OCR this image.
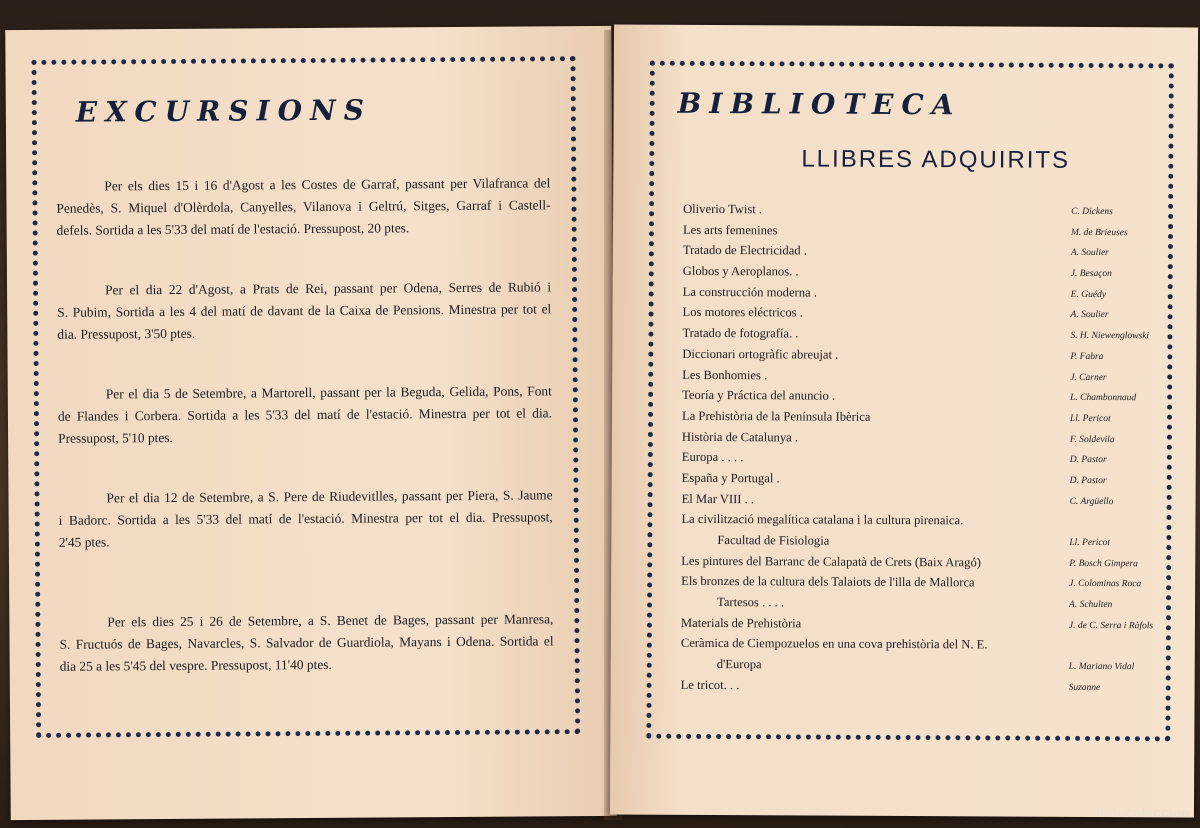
EXCURSIONS
Per els dies 15 i 16 d'Agost a les Costes de Garraf, passant per Vilafranca del
Penedès, S. Miquel d'Olèrdola, Canyelles, Vilanova i Geltrú, Sitges, Garraf i Castell-
defels. Sortida a les 5'33 del matí de l'estació. Pressupost, 20 ptes.
Per el dia 22 d'Agost, a Prats de Rei, passant per Odena, Serres de Rubió i
S. Pubim, Sortida a les 4 del matí de davant de la Caixa de Pensions. Minestra per tot el
dia. Pressupost, 3'50 ptes.
Per el dia 5 de Setembre, a Martorell, passant per la Beguda, Gelida, Pons, Font
de Flandes i Corbera. Sortida a les 5'33 del matí de l'estació. Minestra per tot el dia.
Pressupost, 5'10 ptes.
Per el dia 12 de Setembre, a S. Pere de Riudevitlles, passant per Piera, S. Jaume
i Badorc. Sortida a les 5'33 del matí de l'estació. Minestra per tot el dia. Pressupost,
2'45 ptes.
Per els dies 25 i 26 de Setembre, a S. Benet de Bages, passant per Manresa,
S. Fructuós de Bages, Navarcles, S. Salvador de Guardiola, Mayans i Odena. Sortida el
dia 25 a les 5'45 del vespre. Pressupost, 11'40 ptes.
BIBLIOTECA
LLIBRES ADQUIRITS
Oliverio Twist .	C. Dickens
Les arts femenines	M. de Brieuses
Tratado de Electricidad .	A. Soulier
Globos y Aeroplanos. .	J. Besaçon
La construcción moderna .	E. Guédy
Los motores eléctricos .	A. Soulier
Tratado de fotografía. .	S. H. Niewenglowski
Diccionari ortogràfic abreujat .	P. Fabra
Les Bonhomies .	J. Carner
Teoría y Práctica del anuncio .	L. Chambonnaud
La Prehistòria de la Península Ibèrica	Ll. Pericot
Història de Catalunya .	F. Soldevila
Europa . . . .	D. Pastor
España y Portugal .	D. Pastor
El Mar VIII . .	C. Argüello
La civilització megalítica catalana i la cultura pirenaica.
Facultad de Fisiologia	Ll. Pericot
Les pintures del Barranc de Calapatà de Crets (Baix Aragó)	P. Bosch Gimpera
Els bronzes de la cultura dels Talaiots de l'illa de Mallorca	J. Colominas Roca
Tartesos . . . .	A. Schulten
Materials de Prehistòria	J. de C. Serra i Ràfols
Ceràmica de Ciempozuelos en una cova prehistòria del N. E.
d'Europa	L. Mariano Vidal
Le tricot. . .	Suzanne
todocoleccion
